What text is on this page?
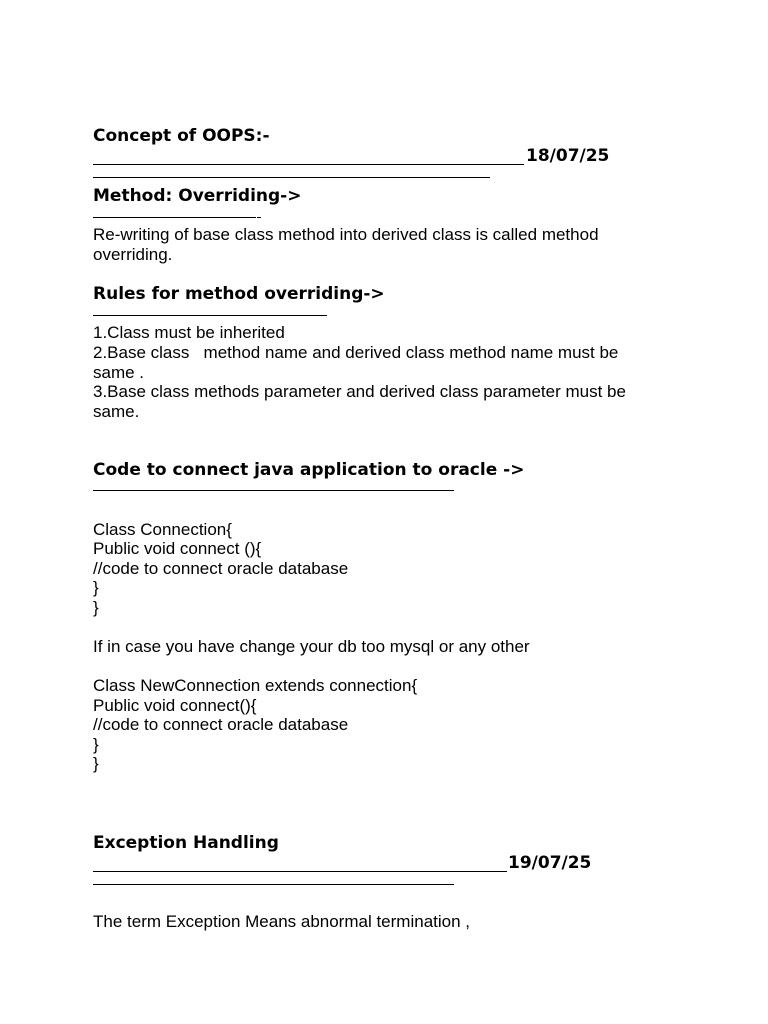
Concept of OOPS:-
18/07/25
Method: Overriding->
Re-writing of base class method into derived class is called method
overriding.
Rules for method overriding->
1.Class must be inherited
2.Base class   method name and derived class method name must be
same .
3.Base class methods parameter and derived class parameter must be
same.
Code to connect java application to oracle ->
Class Connection{
Public void connect (){
//code to connect oracle database
}
}
If in case you have change your db too mysql or any other
Class NewConnection extends connection{
Public void connect(){
//code to connect oracle database
}
}
Exception Handling
19/07/25
The term Exception Means abnormal termination ,
